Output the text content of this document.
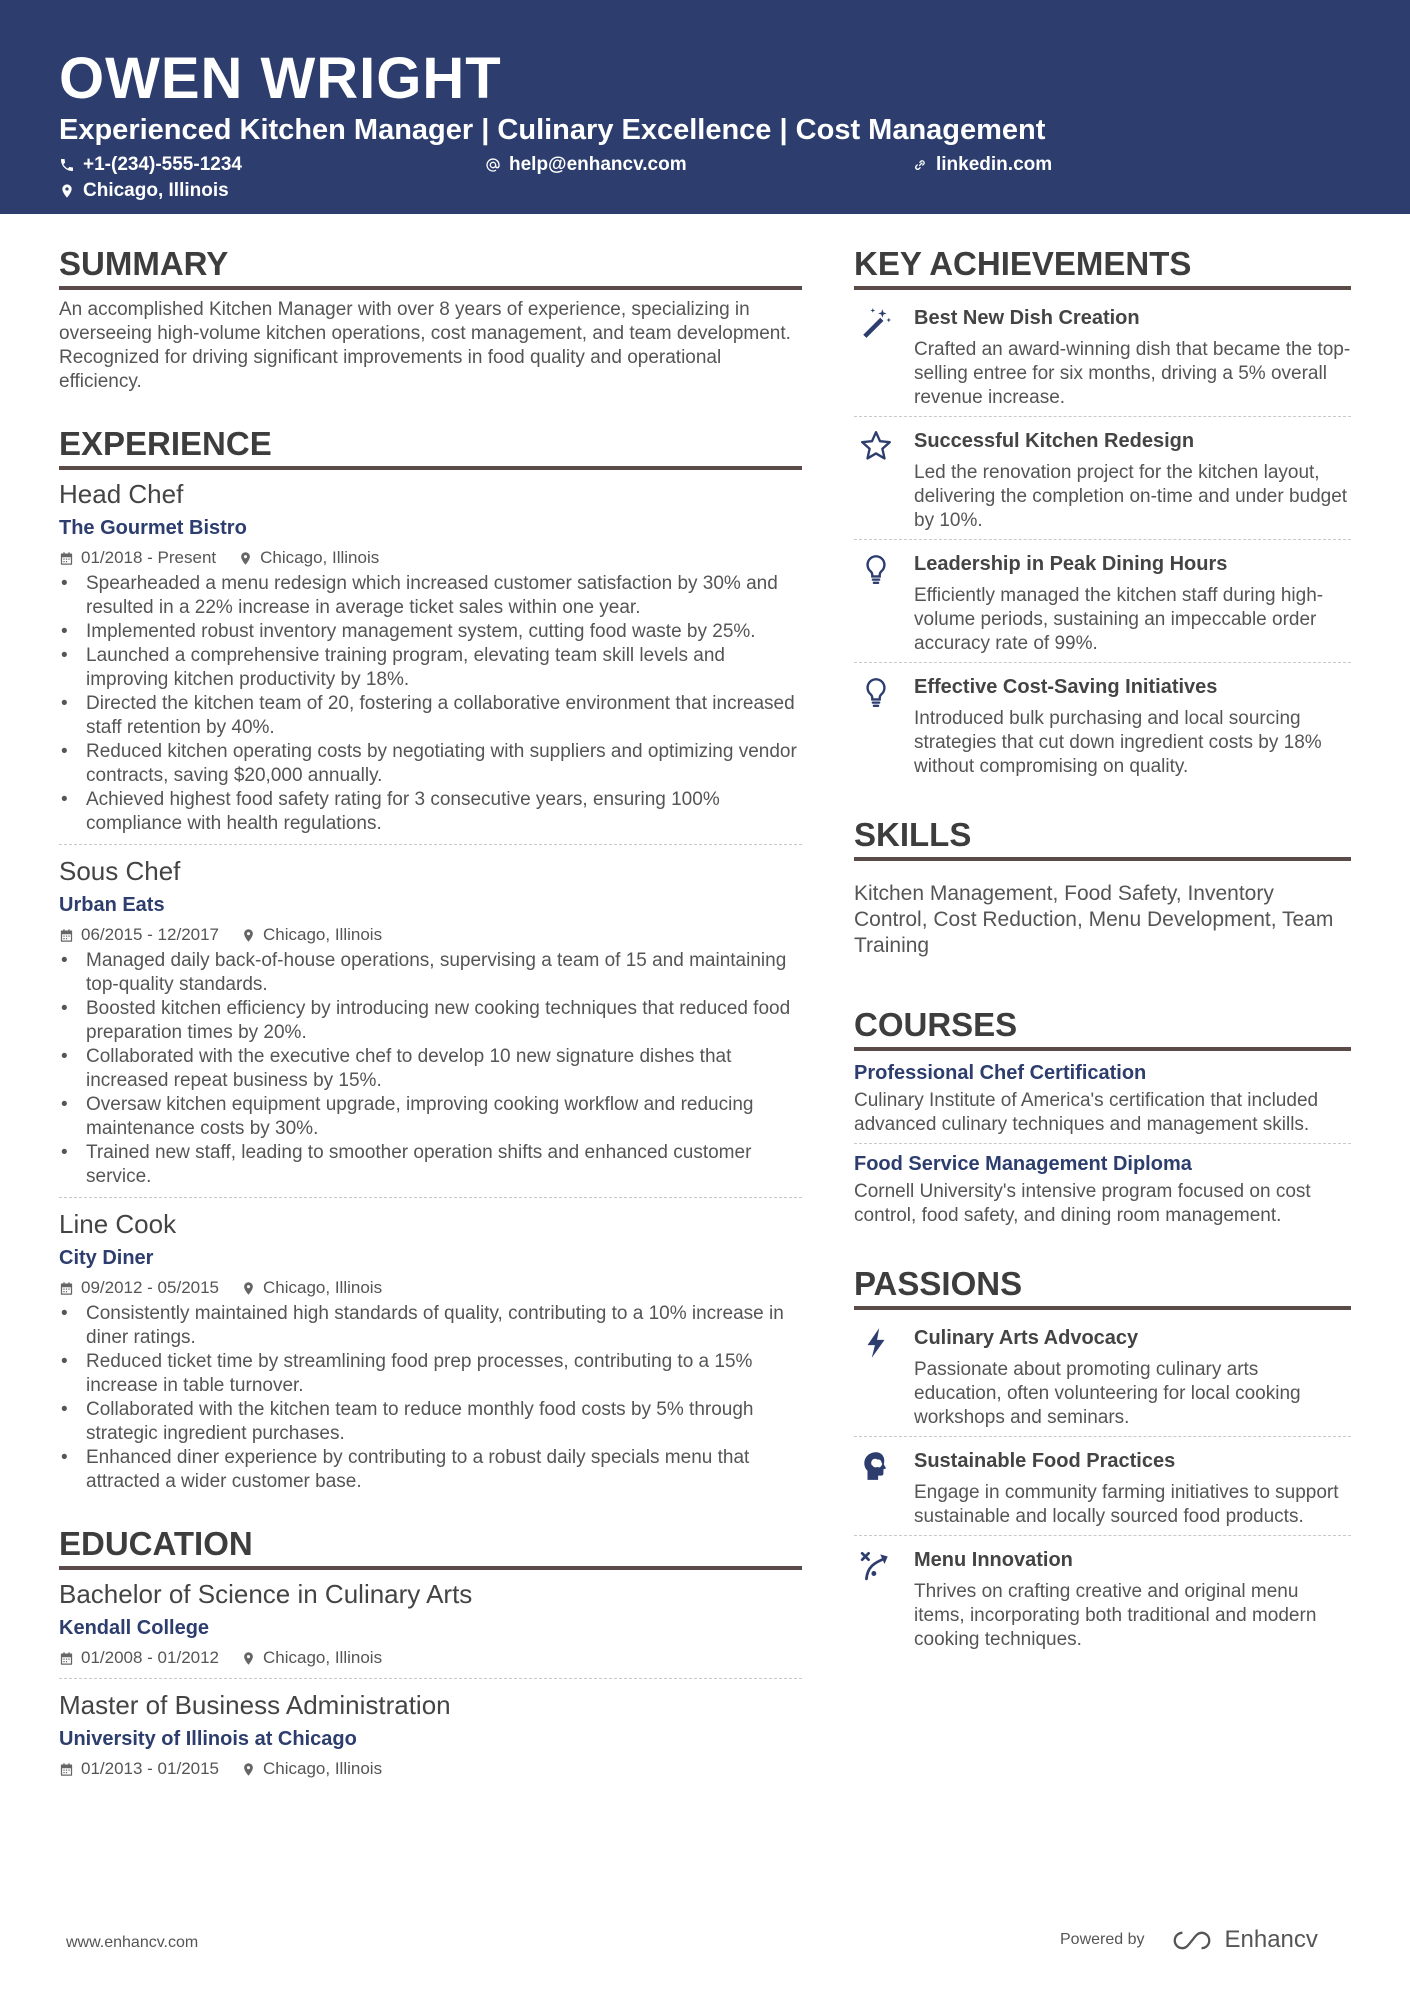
OWEN WRIGHT
Experienced Kitchen Manager | Culinary Excellence | Cost Management
+1-(234)-555-1234	help@enhancv.com	linkedin.com
Chicago, Illinois
SUMMARY
An accomplished Kitchen Manager with over 8 years of experience, specializing in overseeing high-volume kitchen operations, cost management, and team development. Recognized for driving significant improvements in food quality and operational efficiency.
EXPERIENCE
Head Chef
The Gourmet Bistro
01/2018 - Present	Chicago, Illinois
• Spearheaded a menu redesign which increased customer satisfaction by 30% and resulted in a 22% increase in average ticket sales within one year.
• Implemented robust inventory management system, cutting food waste by 25%.
• Launched a comprehensive training program, elevating team skill levels and improving kitchen productivity by 18%.
• Directed the kitchen team of 20, fostering a collaborative environment that increased staff retention by 40%.
• Reduced kitchen operating costs by negotiating with suppliers and optimizing vendor contracts, saving $20,000 annually.
• Achieved highest food safety rating for 3 consecutive years, ensuring 100% compliance with health regulations.
Sous Chef
Urban Eats
06/2015 - 12/2017	Chicago, Illinois
• Managed daily back-of-house operations, supervising a team of 15 and maintaining top-quality standards.
• Boosted kitchen efficiency by introducing new cooking techniques that reduced food preparation times by 20%.
• Collaborated with the executive chef to develop 10 new signature dishes that increased repeat business by 15%.
• Oversaw kitchen equipment upgrade, improving cooking workflow and reducing maintenance costs by 30%.
• Trained new staff, leading to smoother operation shifts and enhanced customer service.
Line Cook
City Diner
09/2012 - 05/2015	Chicago, Illinois
• Consistently maintained high standards of quality, contributing to a 10% increase in diner ratings.
• Reduced ticket time by streamlining food prep processes, contributing to a 15% increase in table turnover.
• Collaborated with the kitchen team to reduce monthly food costs by 5% through strategic ingredient purchases.
• Enhanced diner experience by contributing to a robust daily specials menu that attracted a wider customer base.
EDUCATION
Bachelor of Science in Culinary Arts
Kendall College
01/2008 - 01/2012	Chicago, Illinois
Master of Business Administration
University of Illinois at Chicago
01/2013 - 01/2015	Chicago, Illinois
KEY ACHIEVEMENTS
Best New Dish Creation
Crafted an award-winning dish that became the top-selling entree for six months, driving a 5% overall revenue increase.
Successful Kitchen Redesign
Led the renovation project for the kitchen layout, delivering the completion on-time and under budget by 10%.
Leadership in Peak Dining Hours
Efficiently managed the kitchen staff during high-volume periods, sustaining an impeccable order accuracy rate of 99%.
Effective Cost-Saving Initiatives
Introduced bulk purchasing and local sourcing strategies that cut down ingredient costs by 18% without compromising on quality.
SKILLS
Kitchen Management, Food Safety, Inventory Control, Cost Reduction, Menu Development, Team Training
COURSES
Professional Chef Certification
Culinary Institute of America's certification that included advanced culinary techniques and management skills.
Food Service Management Diploma
Cornell University's intensive program focused on cost control, food safety, and dining room management.
PASSIONS
Culinary Arts Advocacy
Passionate about promoting culinary arts education, often volunteering for local cooking workshops and seminars.
Sustainable Food Practices
Engage in community farming initiatives to support sustainable and locally sourced food products.
Menu Innovation
Thrives on crafting creative and original menu items, incorporating both traditional and modern cooking techniques.
www.enhancv.com	Powered by	Enhancv
